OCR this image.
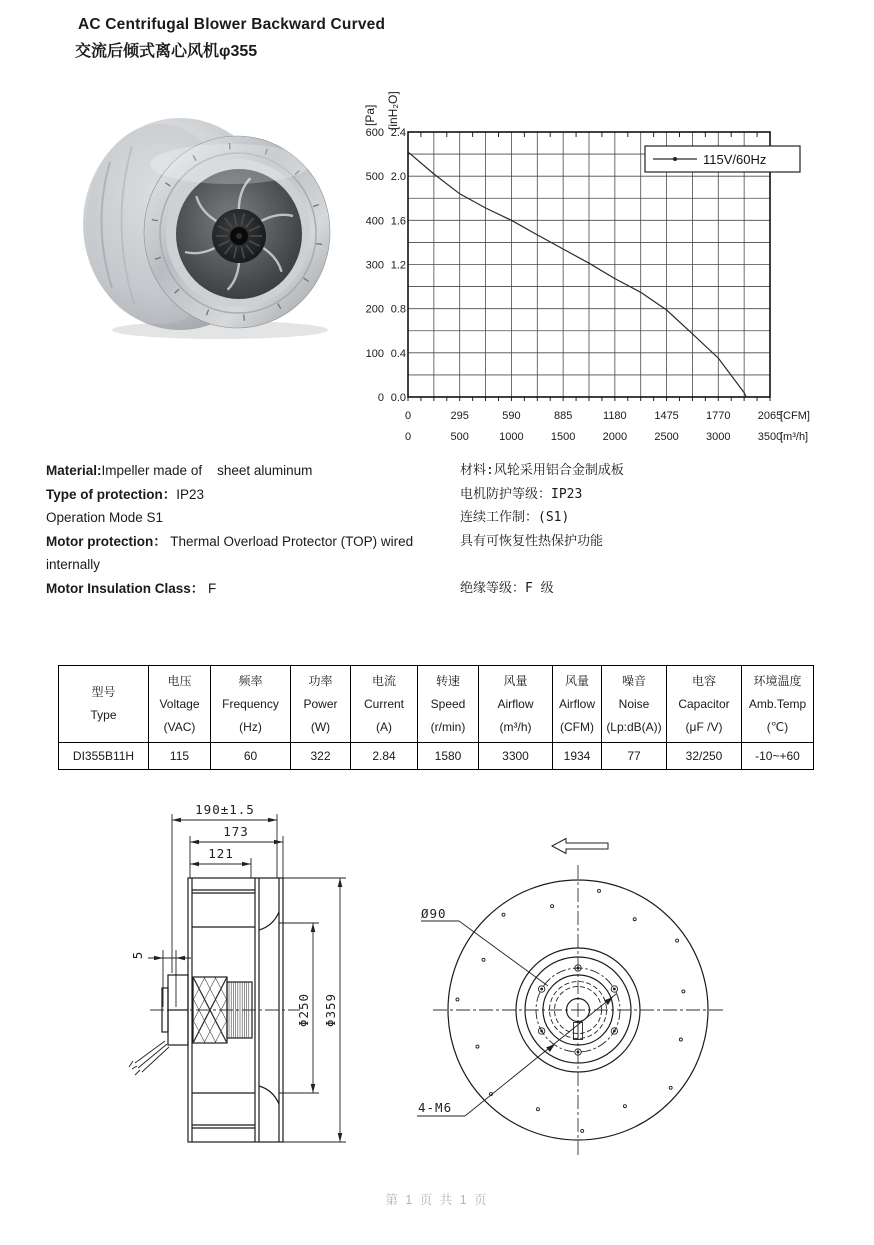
AC Centrifugal Blower Backward Curved
交流后倾式离心风机φ355
600 2.4
500 2.0
400 1.6
300 1.2
200 0.8
100 0.4
0 0.0
0
0
295
500
590
1000
885
1500
1180
2000
1475
2500
1770
3000
2065
3500
[CFM]
[m³/h]
[Pa] [inH₂O]
115V/60Hz
Material:Impeller made of    sheet aluminum
Type of protection：IP23
Operation Mode S1
Motor protection： Thermal Overload Protector (TOP) wired internally
Motor Insulation Class： F
材料:风轮采用铝合金制成板
电机防护等级：IP23
连续工作制：(S1)
具有可恢复性热保护功能

绝缘等级：F 级
型号
Type

电压
Voltage
(VAC)

频率
Frequency
(Hz)

功率
Power
(W)

电流
Current
(A)

转速
Speed
(r/min)

风量
Airflow
(m³/h)

风量
Airflow
(CFM)

噪音
Noise
(Lp:dB(A))

电容
Capacitor
(μF /V)

环境温度
Amb.Temp
(℃)

DI355B11H	115	60	322	2.84	1580	3300	1934	77	32/250	-10~+60
190±1.5
173
121
5
Φ250 Φ359
Ø90
4-M6
第 1 页 共 1 页
